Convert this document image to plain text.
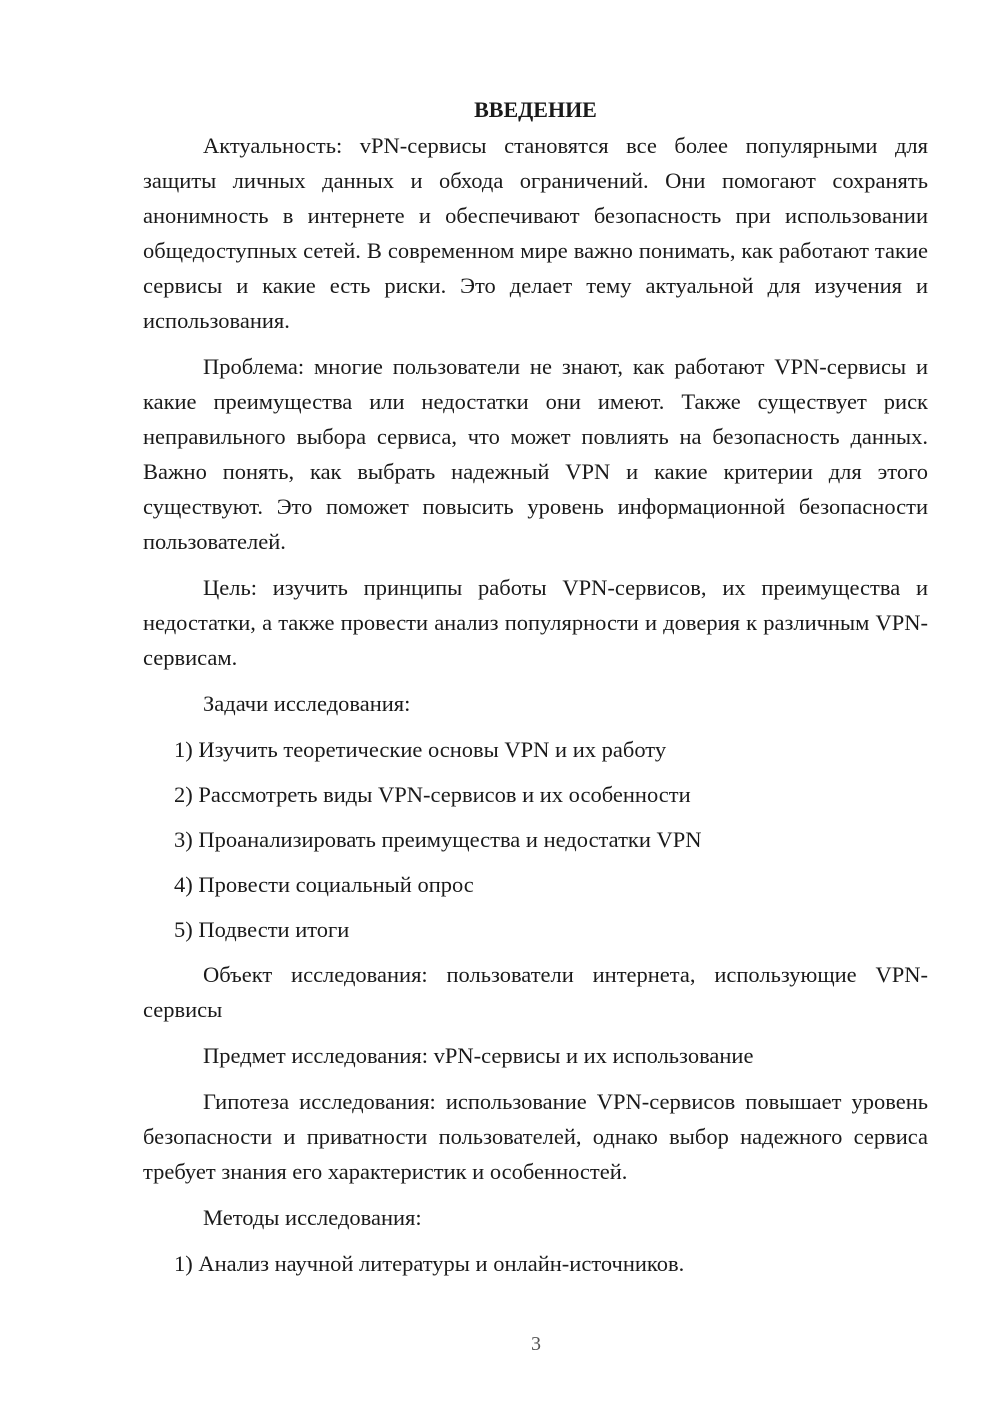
ВВЕДЕНИЕ

Актуальность: vPN-сервисы становятся все более популярными для защиты личных данных и обхода ограничений. Они помогают сохранять анонимность в интернете и обеспечивают безопасность при использовании общедоступных сетей. В современном мире важно понимать, как работают такие сервисы и какие есть риски. Это делает тему актуальной для изучения и использования.

Проблема: многие пользователи не знают, как работают VPN-сервисы и какие преимущества или недостатки они имеют. Также существует риск неправильного выбора сервиса, что может повлиять на безопасность данных. Важно понять, как выбрать надежный VPN и какие критерии для этого существуют. Это поможет повысить уровень информационной безопасности пользователей.

Цель: изучить принципы работы VPN-сервисов, их преимущества и недостатки, а также провести анализ популярности и доверия к различным VPN-сервисам.

Задачи исследования:

1) Изучить теоретические основы VPN и их работу
2) Рассмотреть виды VPN-сервисов и их особенности
3) Проанализировать преимущества и недостатки VPN
4) Провести социальный опрос
5) Подвести итоги

Объект исследования: пользователи интернета, использующие VPN-сервисы

Предмет исследования: vPN-сервисы и их использование

Гипотеза исследования: использование VPN-сервисов повышает уровень безопасности и приватности пользователей, однако выбор надежного сервиса требует знания его характеристик и особенностей.

Методы исследования:

1) Анализ научной литературы и онлайн-источников.
3
